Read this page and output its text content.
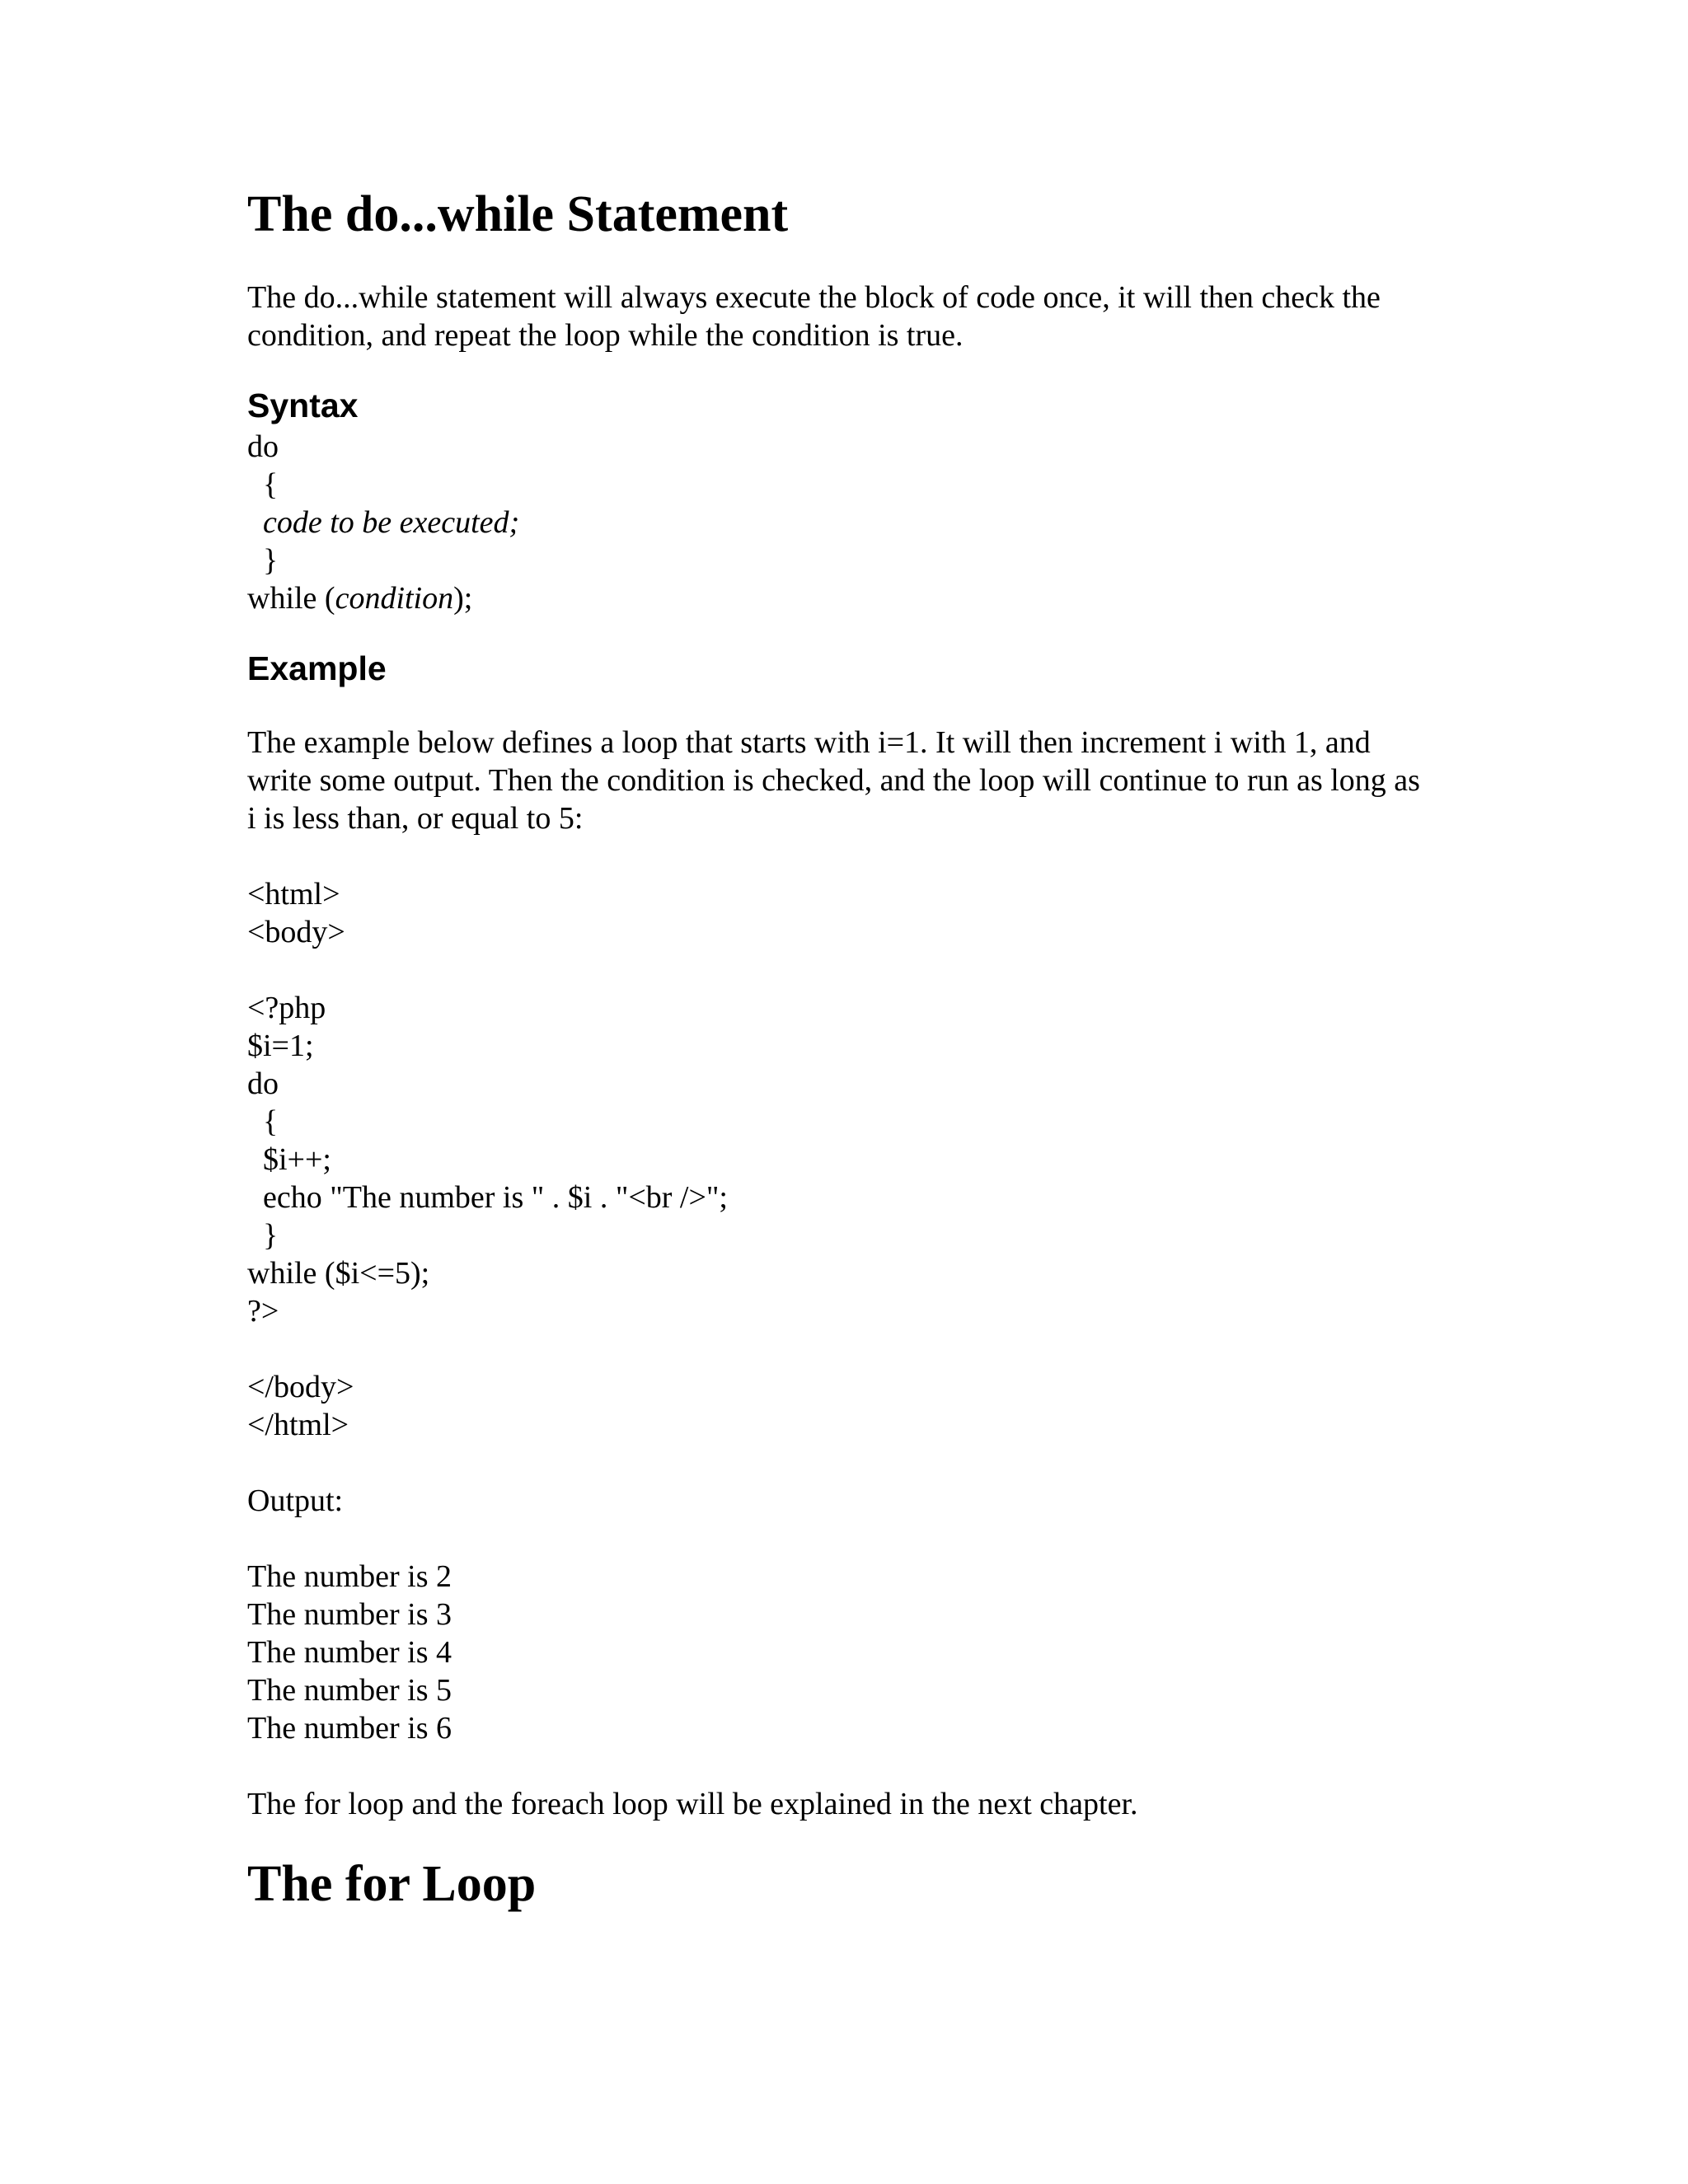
The do...while Statement

The do...while statement will always execute the block of code once, it will then check the condition, and repeat the loop while the condition is true.

Syntax
do
{
code to be executed;
}
while (condition);
Example

The example below defines a loop that starts with i=1. It will then increment i with 1, and write some output. Then the condition is checked, and the loop will continue to run as long as i is less than, or equal to 5:

<html>
<body>
<?php
$i=1;
do
{
$i++;
echo "The number is " . $i . "<br />";
}
while ($i<=5);
?>
</body>
</html>
Output:
The number is 2
The number is 3
The number is 4
The number is 5
The number is 6

The for loop and the foreach loop will be explained in the next chapter.

The for Loop
